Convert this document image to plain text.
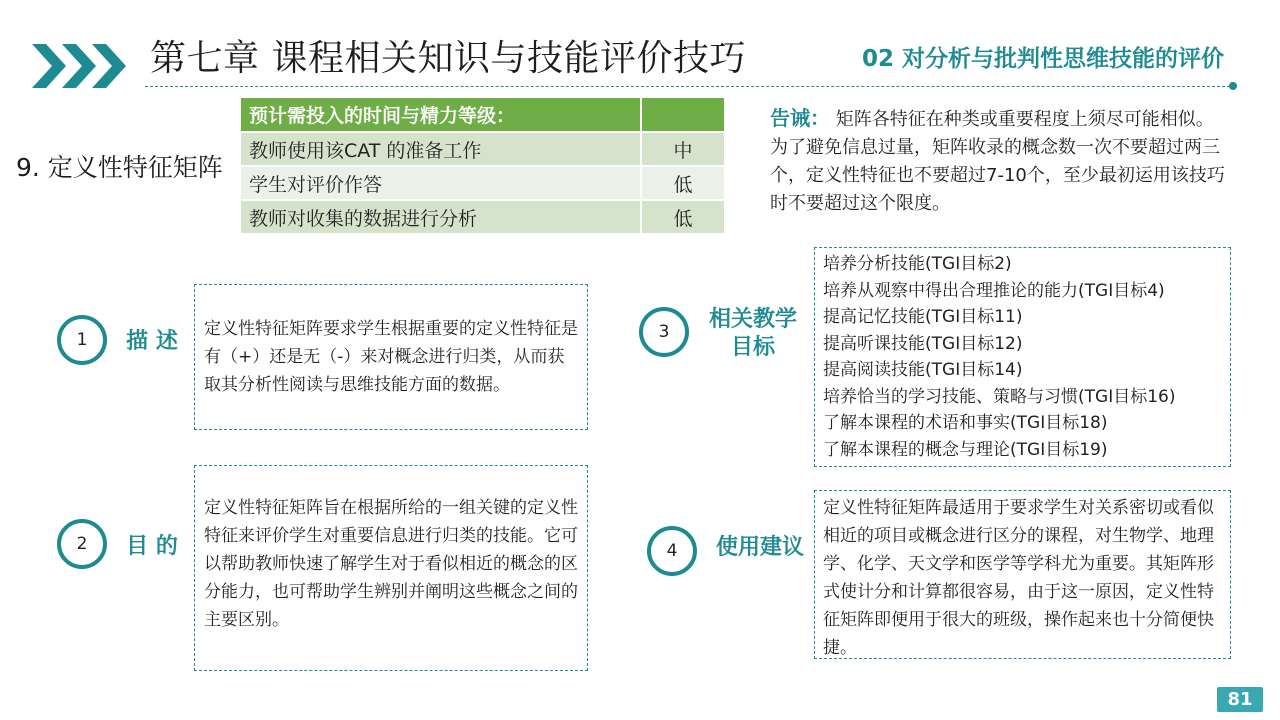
第七章 课程相关知识与技能评价技巧	02 对分析与批判性思维技能的评价
9. 定义性特征矩阵
预计需投入的时间与精力等级：	
教师使用该CAT 的准备工作	中
学生对评价作答	低
教师对收集的数据进行分析	低
告诫： 矩阵各特征在种类或重要程度上须尽可能相似。为了避免信息过量，矩阵收录的概念数一次不要超过两三个，定义性特征也不要超过7-10个，至少最初运用该技巧时不要超过这个限度。
1	描 述	定义性特征矩阵要求学生根据重要的定义性特征是有（+）还是无（-）来对概念进行归类，从而获取其分析性阅读与思维技能方面的数据。
2	目 的
定义性特征矩阵旨在根据所给的一组关键的定义性特征来评价学生对重要信息进行归类的技能。它可以帮助教师快速了解学生对于看似相近的概念的区分能力，也可帮助学生辨别并阐明这些概念之间的主要区别。
3	相关教学
目标
培养分析技能(TGI目标2)
培养从观察中得出合理推论的能力(TGI目标4)
提高记忆技能(TGI目标11)
提高听课技能(TGI目标12)
提高阅读技能(TGI目标14)
培养恰当的学习技能、策略与习惯(TGI目标16)
了解本课程的术语和事实(TGI目标18)
了解本课程的概念与理论(TGI目标19)
4	使用建议
定义性特征矩阵最适用于要求学生对关系密切或看似相近的项目或概念进行区分的课程，对生物学、地理学、化学、天文学和医学等学科尤为重要。其矩阵形式使计分和计算都很容易，由于这一原因，定义性特征矩阵即便用于很大的班级，操作起来也十分简便快捷。
81
